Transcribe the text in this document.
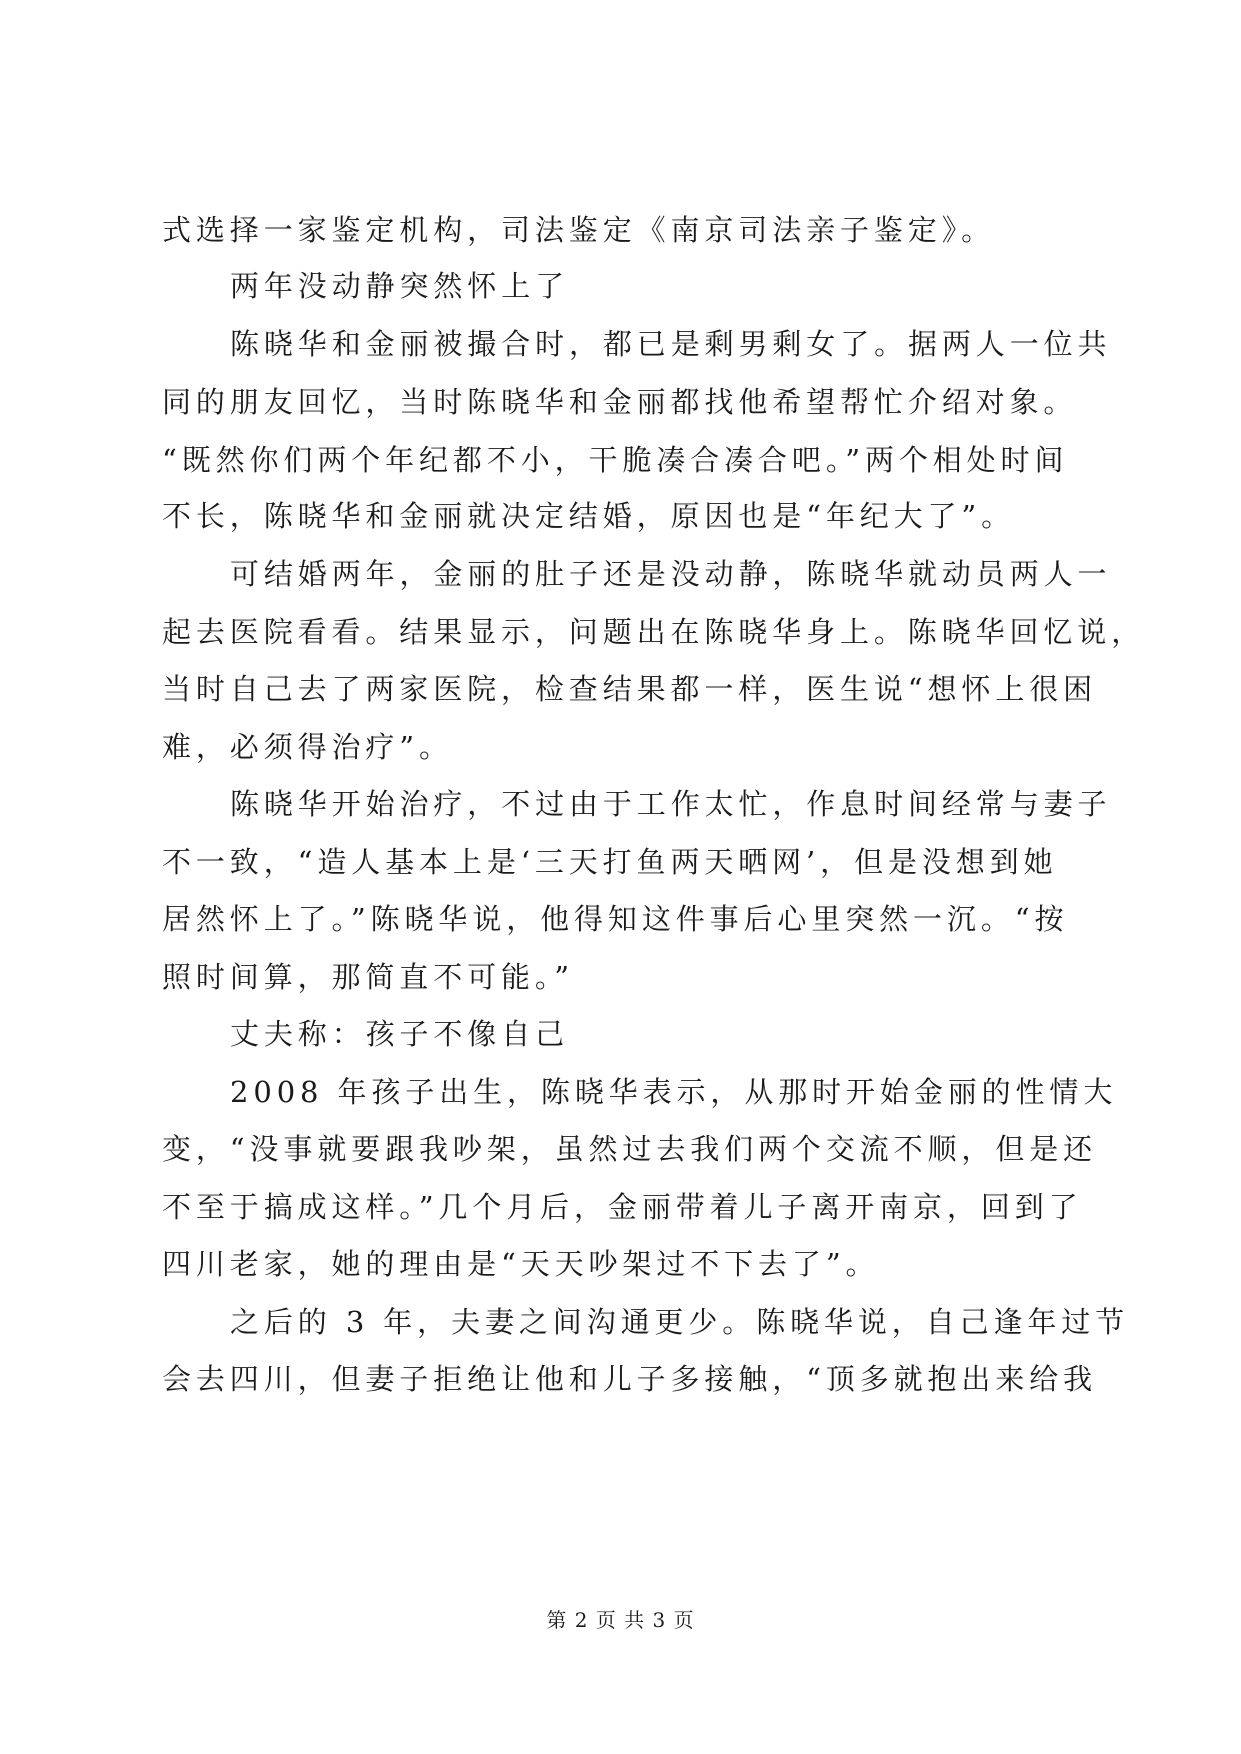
式选择一家鉴定机构，司法鉴定《南京司法亲子鉴定》。
两年没动静突然怀上了
陈晓华和金丽被撮合时，都已是剩男剩女了。据两人一位共
同的朋友回忆，当时陈晓华和金丽都找他希望帮忙介绍对象。
“既然你们两个年纪都不小，干脆凑合凑合吧。”两个相处时间
不长，陈晓华和金丽就决定结婚，原因也是“年纪大了”。
可结婚两年，金丽的肚子还是没动静，陈晓华就动员两人一
起去医院看看。结果显示，问题出在陈晓华身上。陈晓华回忆说，
当时自己去了两家医院，检查结果都一样，医生说“想怀上很困
难，必须得治疗”。
陈晓华开始治疗，不过由于工作太忙，作息时间经常与妻子
不一致，“造人基本上是‘三天打鱼两天晒网’，但是没想到她
居然怀上了。”陈晓华说，他得知这件事后心里突然一沉。“按
照时间算，那简直不可能。”
丈夫称：孩子不像自己
2008 年孩子出生，陈晓华表示，从那时开始金丽的性情大
变，“没事就要跟我吵架，虽然过去我们两个交流不顺，但是还
不至于搞成这样。”几个月后，金丽带着儿子离开南京，回到了
四川老家，她的理由是“天天吵架过不下去了”。
之后的 3 年，夫妻之间沟通更少。陈晓华说，自己逢年过节
会去四川，但妻子拒绝让他和儿子多接触，“顶多就抱出来给我
第 2 页 共 3 页
